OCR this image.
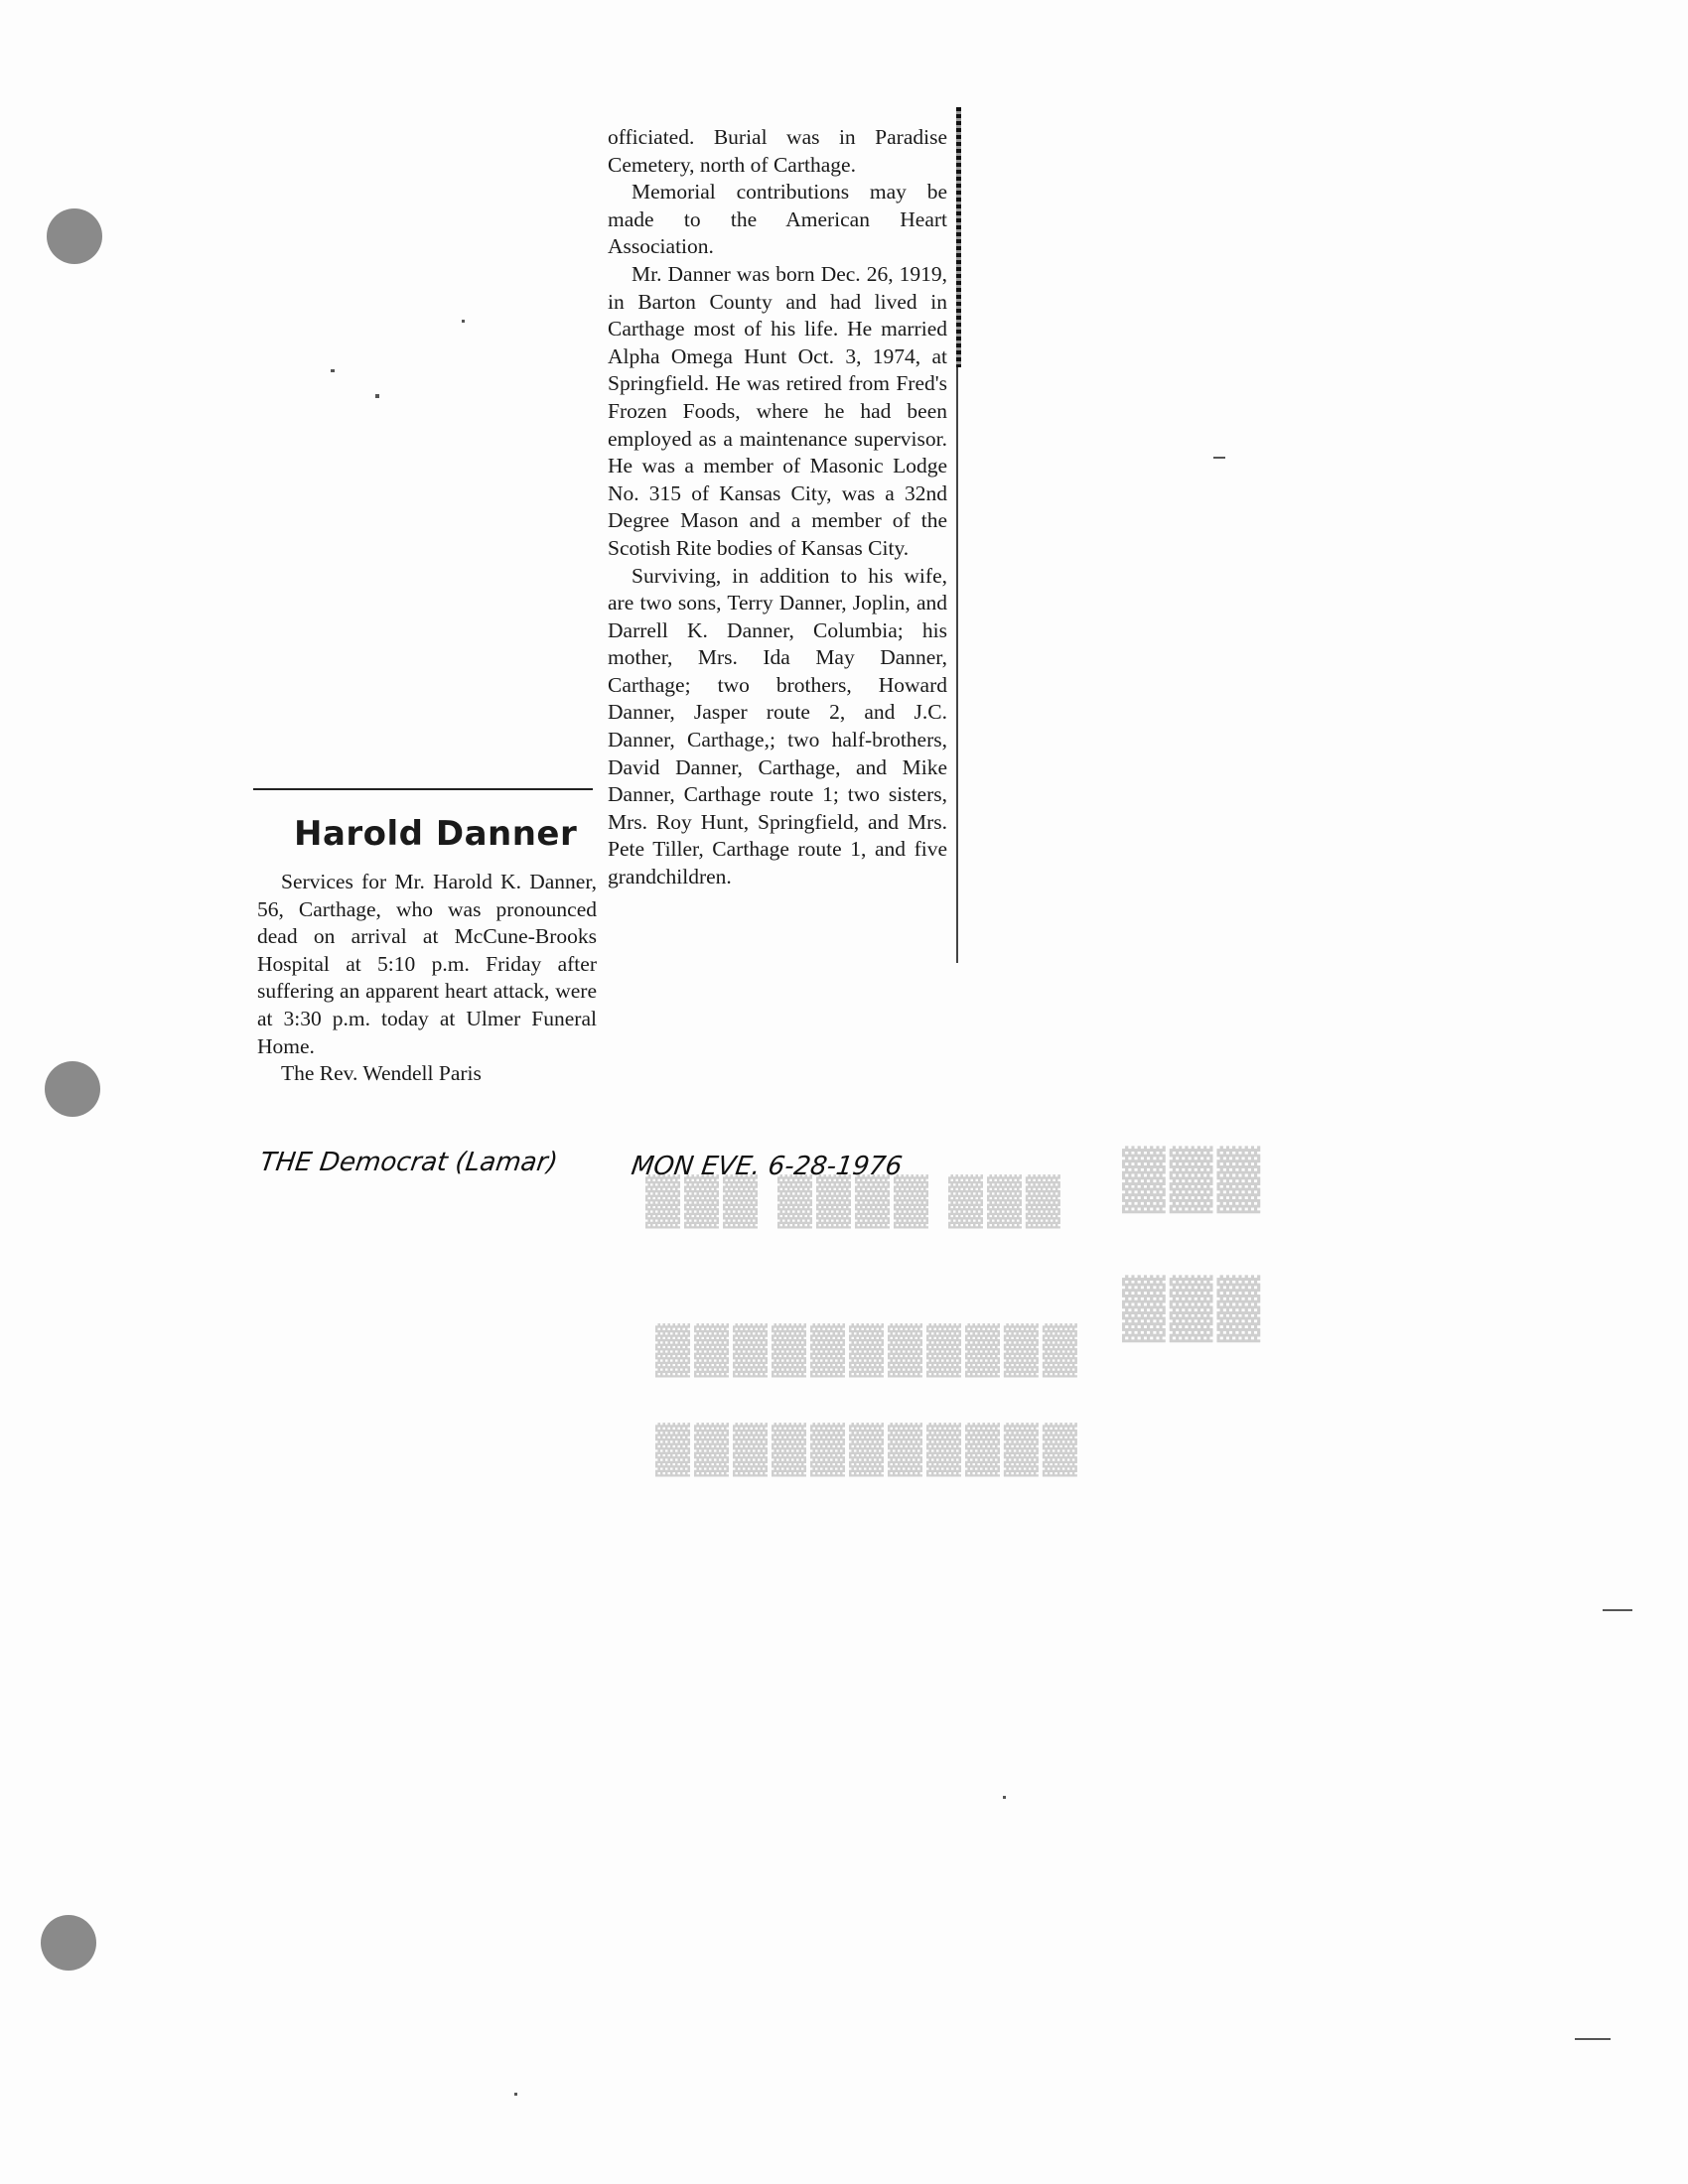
▓▓▓ ▓▓▓▓ ▓▓▓
▓▓▓▓▓▓▓▓▓▓▓
▓▓▓▓▓▓▓▓▓▓▓
▓▓▓
▓▓▓
Harold Danner

Services for Mr. Harold K. Danner, 56, Carthage, who was pronounced dead on arrival at McCune-Brooks Hospital at 5:10 p.m. Friday after suffering an apparent heart attack, were at 3:30 p.m. today at Ulmer Funeral Home.

The Rev. Wendell Paris

officiated. Burial was in Paradise Cemetery, north of Carthage.

Memorial contributions may be made to the American Heart Association.

Mr. Danner was born Dec. 26, 1919, in Barton County and had lived in Carthage most of his life. He married Alpha Omega Hunt Oct. 3, 1974, at Springfield. He was retired from Fred's Frozen Foods, where he had been employed as a maintenance supervisor. He was a member of Masonic Lodge No. 315 of Kansas City, was a 32nd Degree Mason and a member of the Scotish Rite bodies of Kansas City.

Surviving, in addition to his wife, are two sons, Terry Danner, Joplin, and Darrell K. Danner, Columbia; his mother, Mrs. Ida May Danner, Carthage; two brothers, Howard Danner, Jasper route 2, and J.C. Danner, Carthage,; two half-brothers, David Danner, Carthage, and Mike Danner, Carthage route 1; two sisters, Mrs. Roy Hunt, Springfield, and Mrs. Pete Tiller, Carthage route 1, and five grandchildren.

THE Democrat (Lamar)	MON EVE. 6-28-1976
